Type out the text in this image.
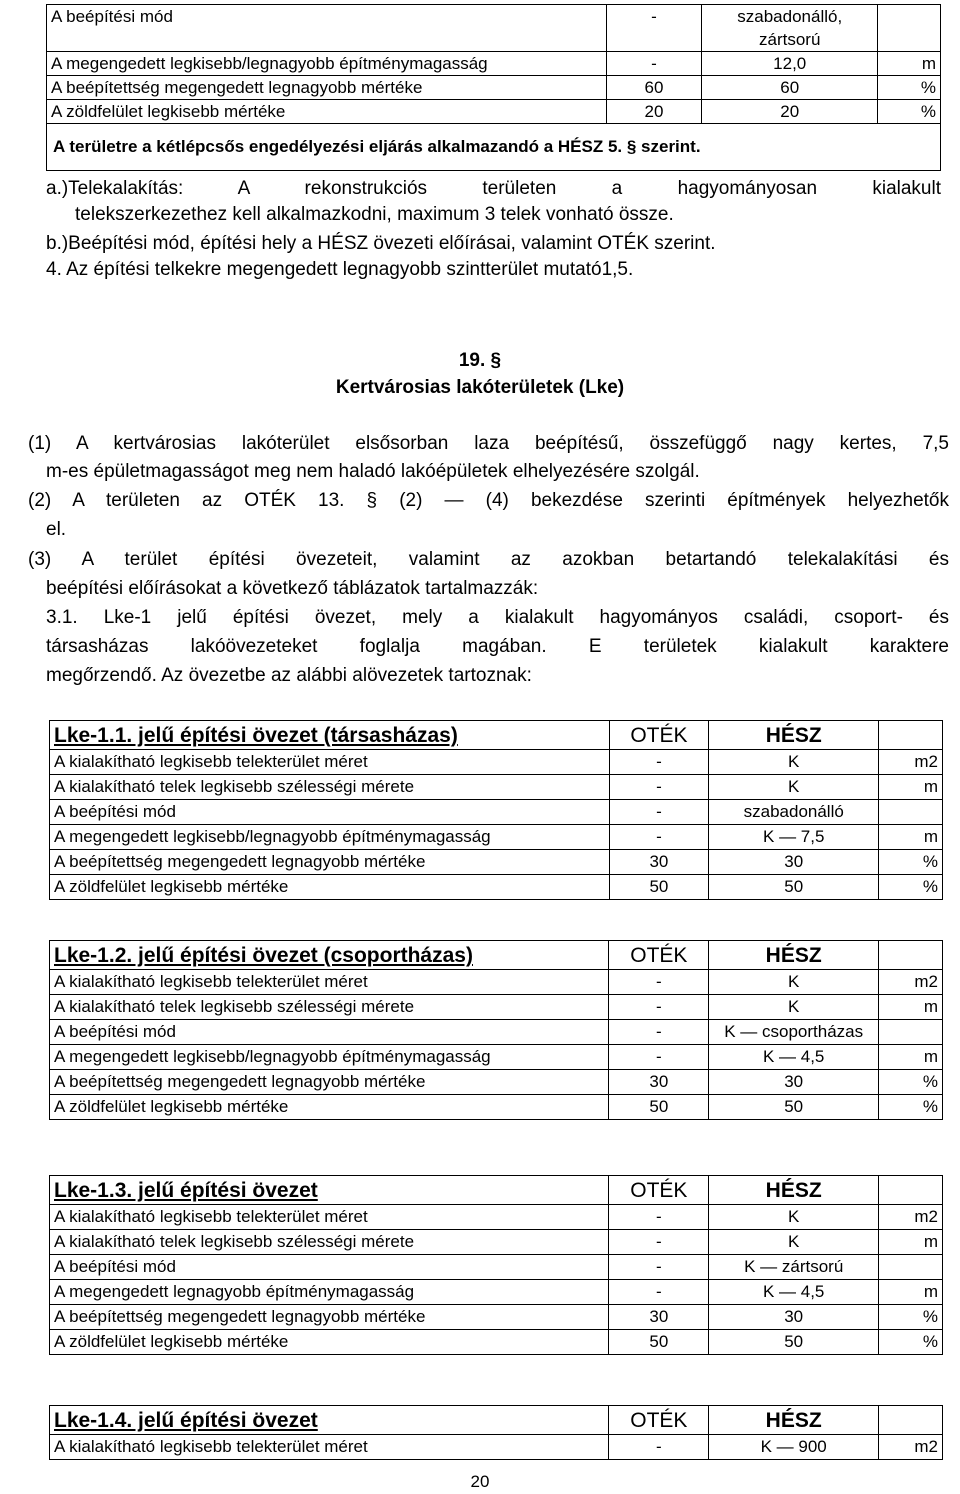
A beépítési mód	-	szabadonálló,
zártsorú	
A megengedett legkisebb/legnagyobb építménymagasság	-	12,0	m
A beépítettség megengedett legnagyobb mértéke	60	60	%
A zöldfelület legkisebb mértéke	20	20	%
A területre a kétlépcsős engedélyezési eljárás alkalmazandó a HÉSZ 5. § szerint.			
a.)Telekalakítás: A rekonstrukciós területen a hagyományosan kialakult
telekszerkezethez kell alkalmazkodni, maximum 3 telek vonható össze.
b.)Beépítési mód, építési hely a HÉSZ övezeti előírásai, valamint OTÉK szerint.
4. Az építési telkekre megengedett legnagyobb szintterület mutató1,5.
19. §
Kertvárosias lakóterületek (Lke)
(1) A kertvárosias lakóterület elsősorban laza beépítésű, összefüggő nagy kertes, 7,5
m-es épületmagasságot meg nem haladó lakóépületek elhelyezésére szolgál.
(2) A területen az OTÉK 13. § (2) — (4) bekezdése szerinti építmények helyezhetők
el.
(3) A terület építési övezeteit, valamint az azokban betartandó telekalakítási és
beépítési előírásokat a következő táblázatok tartalmazzák:
3.1. Lke-1 jelű építési övezet, mely a kialakult hagyományos családi, csoport- és
társasházas lakóövezeteket foglalja magában. E területek kialakult karaktere
megőrzendő. Az övezetbe az alábbi alövezetek tartoznak:
Lke-1.1. jelű építési övezet (társasházas)	OTÉK	HÉSZ	
A kialakítható legkisebb telekterület méret	-	K	m2
A kialakítható telek legkisebb szélességi mérete	-	K	m
A beépítési mód	-	szabadonálló	
A megengedett legkisebb/legnagyobb építménymagasság	-	K — 7,5	m
A beépítettség megengedett legnagyobb mértéke	30	30	%
A zöldfelület legkisebb mértéke	50	50	%
Lke-1.2. jelű építési övezet (csoportházas)	OTÉK	HÉSZ	
A kialakítható legkisebb telekterület méret	-	K	m2
A kialakítható telek legkisebb szélességi mérete	-	K	m
A beépítési mód	-	K — csoportházas	
A megengedett legkisebb/legnagyobb építménymagasság	-	K — 4,5	m
A beépítettség megengedett legnagyobb mértéke	30	30	%
A zöldfelület legkisebb mértéke	50	50	%
Lke-1.3. jelű építési övezet	OTÉK	HÉSZ	
A kialakítható legkisebb telekterület méret	-	K	m2
A kialakítható telek legkisebb szélességi mérete	-	K	m
A beépítési mód	-	K — zártsorú	
A megengedett legnagyobb építménymagasság	-	K — 4,5	m
A beépítettség megengedett legnagyobb mértéke	30	30	%
A zöldfelület legkisebb mértéke	50	50	%
Lke-1.4. jelű építési övezet	OTÉK	HÉSZ	
A kialakítható legkisebb telekterület méret	-	K — 900	m2
20
